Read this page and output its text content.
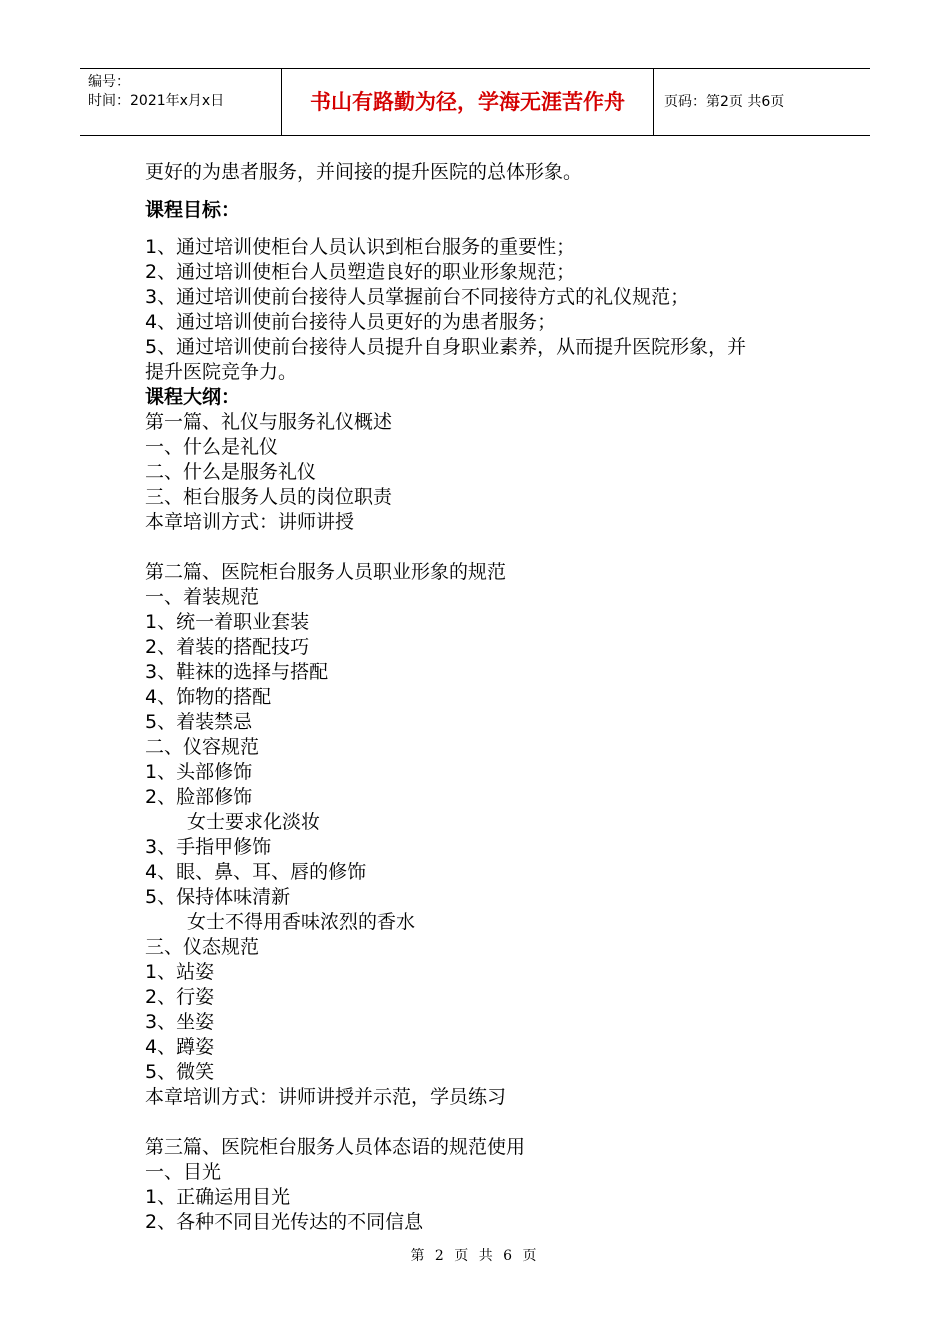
编号：
时间：2021年x月x日	书山有路勤为径，学海无涯苦作舟	页码：第2页 共6页
更好的为患者服务，并间接的提升医院的总体形象。
课程目标：
1、通过培训使柜台人员认识到柜台服务的重要性；
2、通过培训使柜台人员塑造良好的职业形象规范；
3、通过培训使前台接待人员掌握前台不同接待方式的礼仪规范；
4、通过培训使前台接待人员更好的为患者服务；
5、通过培训使前台接待人员提升自身职业素养，从而提升医院形象，并
提升医院竞争力。
课程大纲：
第一篇、礼仪与服务礼仪概述
一、什么是礼仪
二、什么是服务礼仪
三、柜台服务人员的岗位职责
本章培训方式：讲师讲授
第二篇、医院柜台服务人员职业形象的规范
一、着装规范
1、统一着职业套装
2、着装的搭配技巧
3、鞋袜的选择与搭配
4、饰物的搭配
5、着装禁忌
二、仪容规范
1、头部修饰
2、脸部修饰
女士要求化淡妆
3、手指甲修饰
4、眼、鼻、耳、唇的修饰
5、保持体味清新
女士不得用香味浓烈的香水
三、仪态规范
1、站姿
2、行姿
3、坐姿
4、蹲姿
5、微笑
本章培训方式：讲师讲授并示范，学员练习
第三篇、医院柜台服务人员体态语的规范使用
一、目光
1、正确运用目光
2、各种不同目光传达的不同信息
第 2 页 共 6 页
